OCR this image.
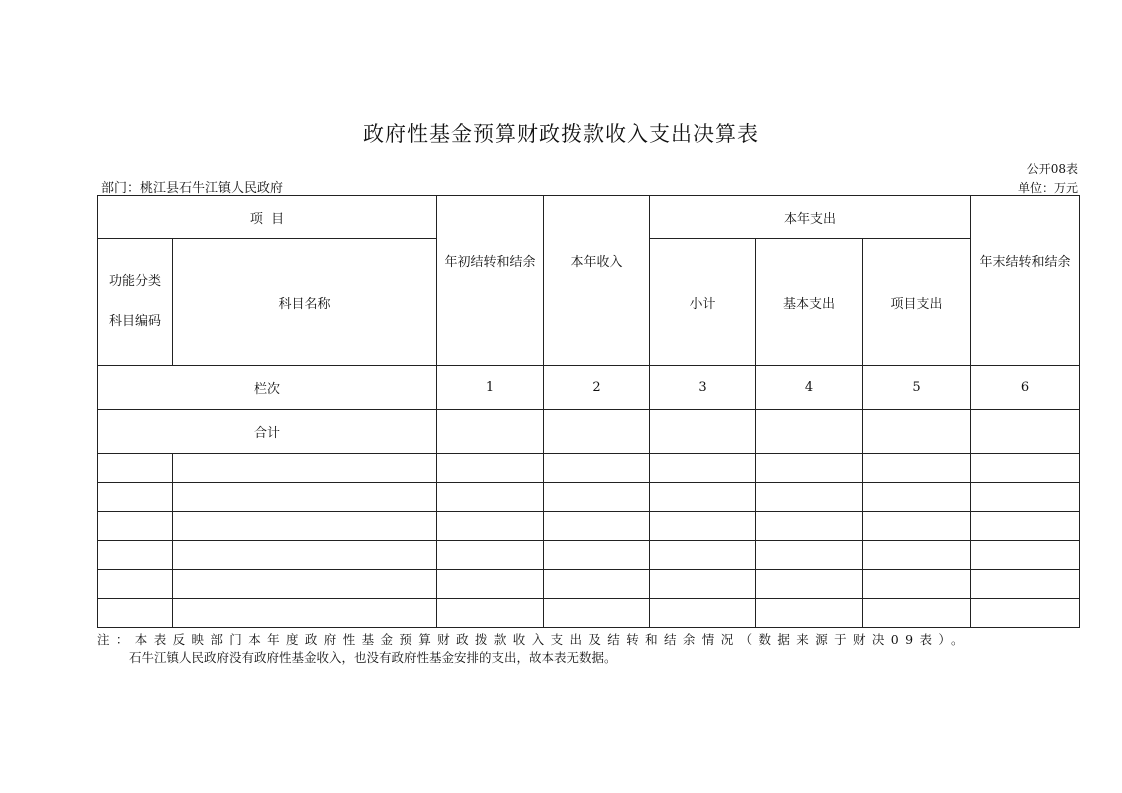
政府性基金预算财政拨款收入支出决算表
公开08表
部门：桃江县石牛江镇人民政府	单位：万元
项  目		年初结转和结余	本年收入	本年支出			年末结转和结余

功能分类
科目编码	科目名称			小计	基本支出	项目支出	
栏次		1	2	3	4	5	6
合计							

注：本表反映部门本年度政府性基金预算财政拨款收入支出及结转和结余情况（数据来源于财决09表）。
石牛江镇人民政府没有政府性基金收入，也没有政府性基金安排的支出，故本表无数据。
